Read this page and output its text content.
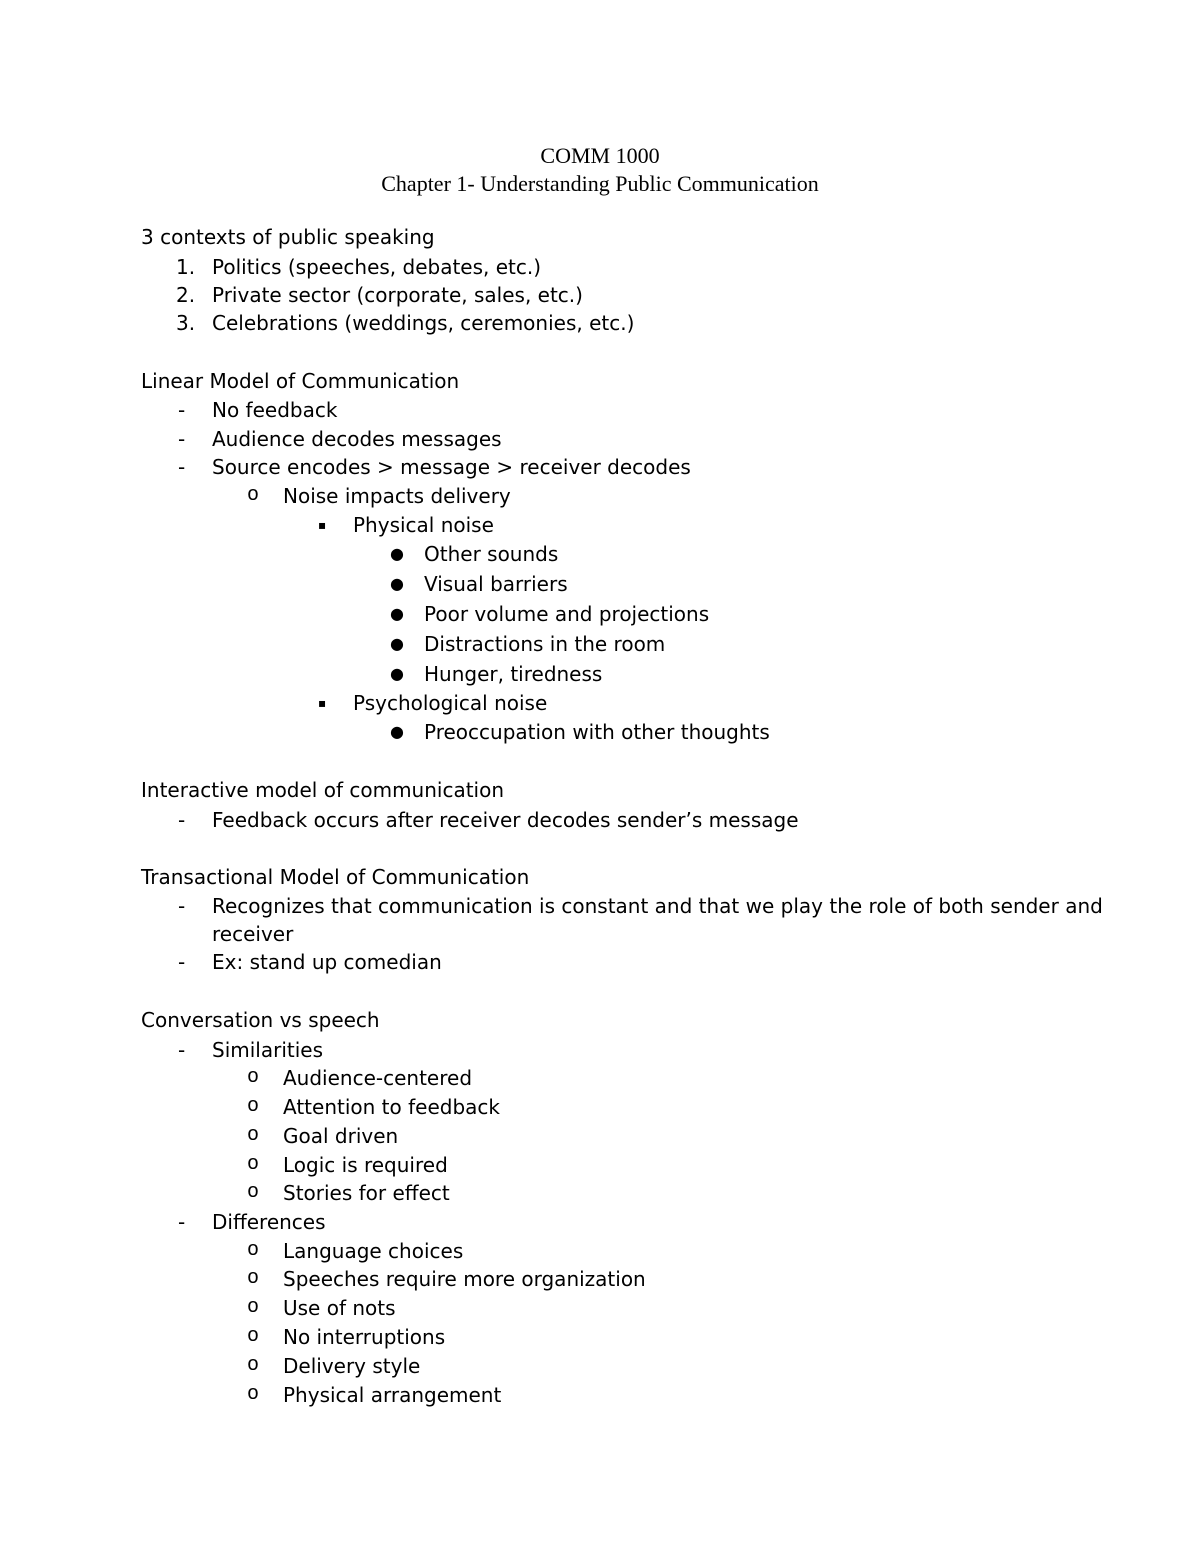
COMM 1000
Chapter 1- Understanding Public Communication
3 contexts of public speaking
1. Politics (speeches, debates, etc.)
2. Private sector (corporate, sales, etc.)
3. Celebrations (weddings, ceremonies, etc.)
Linear Model of Communication
- No feedback
- Audience decodes messages
- Source encodes > message > receiver decodes
o Noise impacts delivery
▪ Physical noise
● Other sounds
● Visual barriers
● Poor volume and projections
● Distractions in the room
● Hunger, tiredness
▪ Psychological noise
● Preoccupation with other thoughts
Interactive model of communication
- Feedback occurs after receiver decodes sender’s message
Transactional Model of Communication
- Recognizes that communication is constant and that we play the role of both sender and
receiver
- Ex: stand up comedian
Conversation vs speech
- Similarities
o Audience-centered
o Attention to feedback
o Goal driven
o Logic is required
o Stories for effect
- Differences
o Language choices
o Speeches require more organization
o Use of nots
o No interruptions
o Delivery style
o Physical arrangement
